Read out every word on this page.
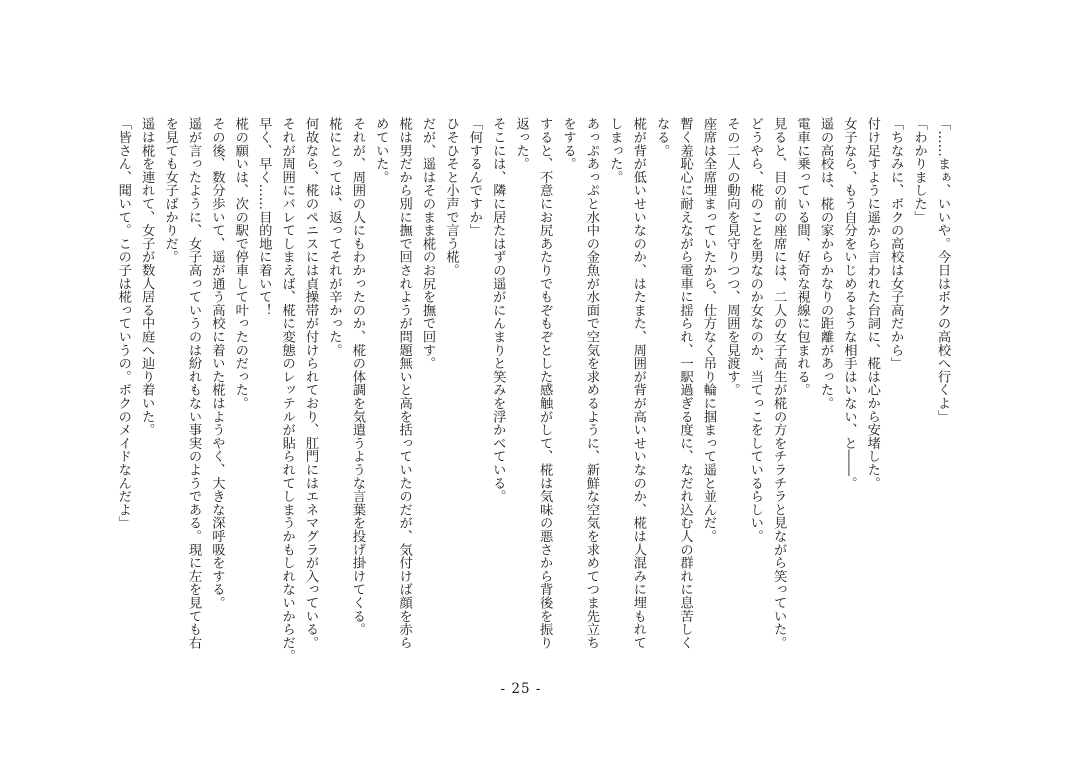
「……まぁ、いいや。今日はボクの高校へ行くよ」
「わかりました」
「ちなみに、ボクの高校は女子高だから」
付け足すように遥から言われた台詞に、椛は心から安堵した。
女子なら、もう自分をいじめるような相手はいない、と――。
遥の高校は、椛の家からかなりの距離があった。
電車に乗っている間、好奇な視線に包まれる。
見ると、目の前の座席には、二人の女子高生が椛の方をチラチラと見ながら笑っていた。
どうやら、椛のことを男なのか女なのか、当てっこをしているらしい。
その二人の動向を見守りつつ、周囲を見渡す。
座席は全席埋まっていたから、仕方なく吊り輪に掴まって遥と並んだ。
暫く羞恥心に耐えながら電車に揺られ、一駅過ぎる度に、なだれ込む人の群れに息苦しく
なる。
椛が背が低いせいなのか、はたまた、周囲が背が高いせいなのか、椛は人混みに埋もれて
しまった。
あっぷあっぷと水中の金魚が水面で空気を求めるように、新鮮な空気を求めてつま先立ち
をする。
すると、不意にお尻あたりでもぞもぞとした感触がして、椛は気味の悪さから背後を振り
返った。
そこには、隣に居たはずの遥がにんまりと笑みを浮かべている。
「何するんですか」
ひそひそと小声で言う椛。
だが、遥はそのまま椛のお尻を撫で回す。
椛は男だから別に撫で回されようが問題無いと高を括っていたのだが、気付けば顔を赤ら
めていた。
それが、周囲の人にもわかったのか、椛の体調を気遣うような言葉を投げ掛けてくる。
椛にとっては、返ってそれが辛かった。
何故なら、椛のペニスには貞操帯が付けられており、肛門にはエネマグラが入っている。
それが周囲にバレてしまえば、椛に変態のレッテルが貼られてしまうかもしれないからだ。
早く、早く……目的地に着いて！
椛の願いは、次の駅で停車して叶ったのだった。
その後、数分歩いて、遥が通う高校に着いた椛はようやく、大きな深呼吸をする。
遥が言ったように、女子高っていうのは紛れもない事実のようである。現に左を見ても右
を見ても女子ばかりだ。
遥は椛を連れて、女子が数人居る中庭へ辿り着いた。
「皆さん、聞いて。この子は椛っていうの。ボクのメイドなんだよ」
- 25 -
